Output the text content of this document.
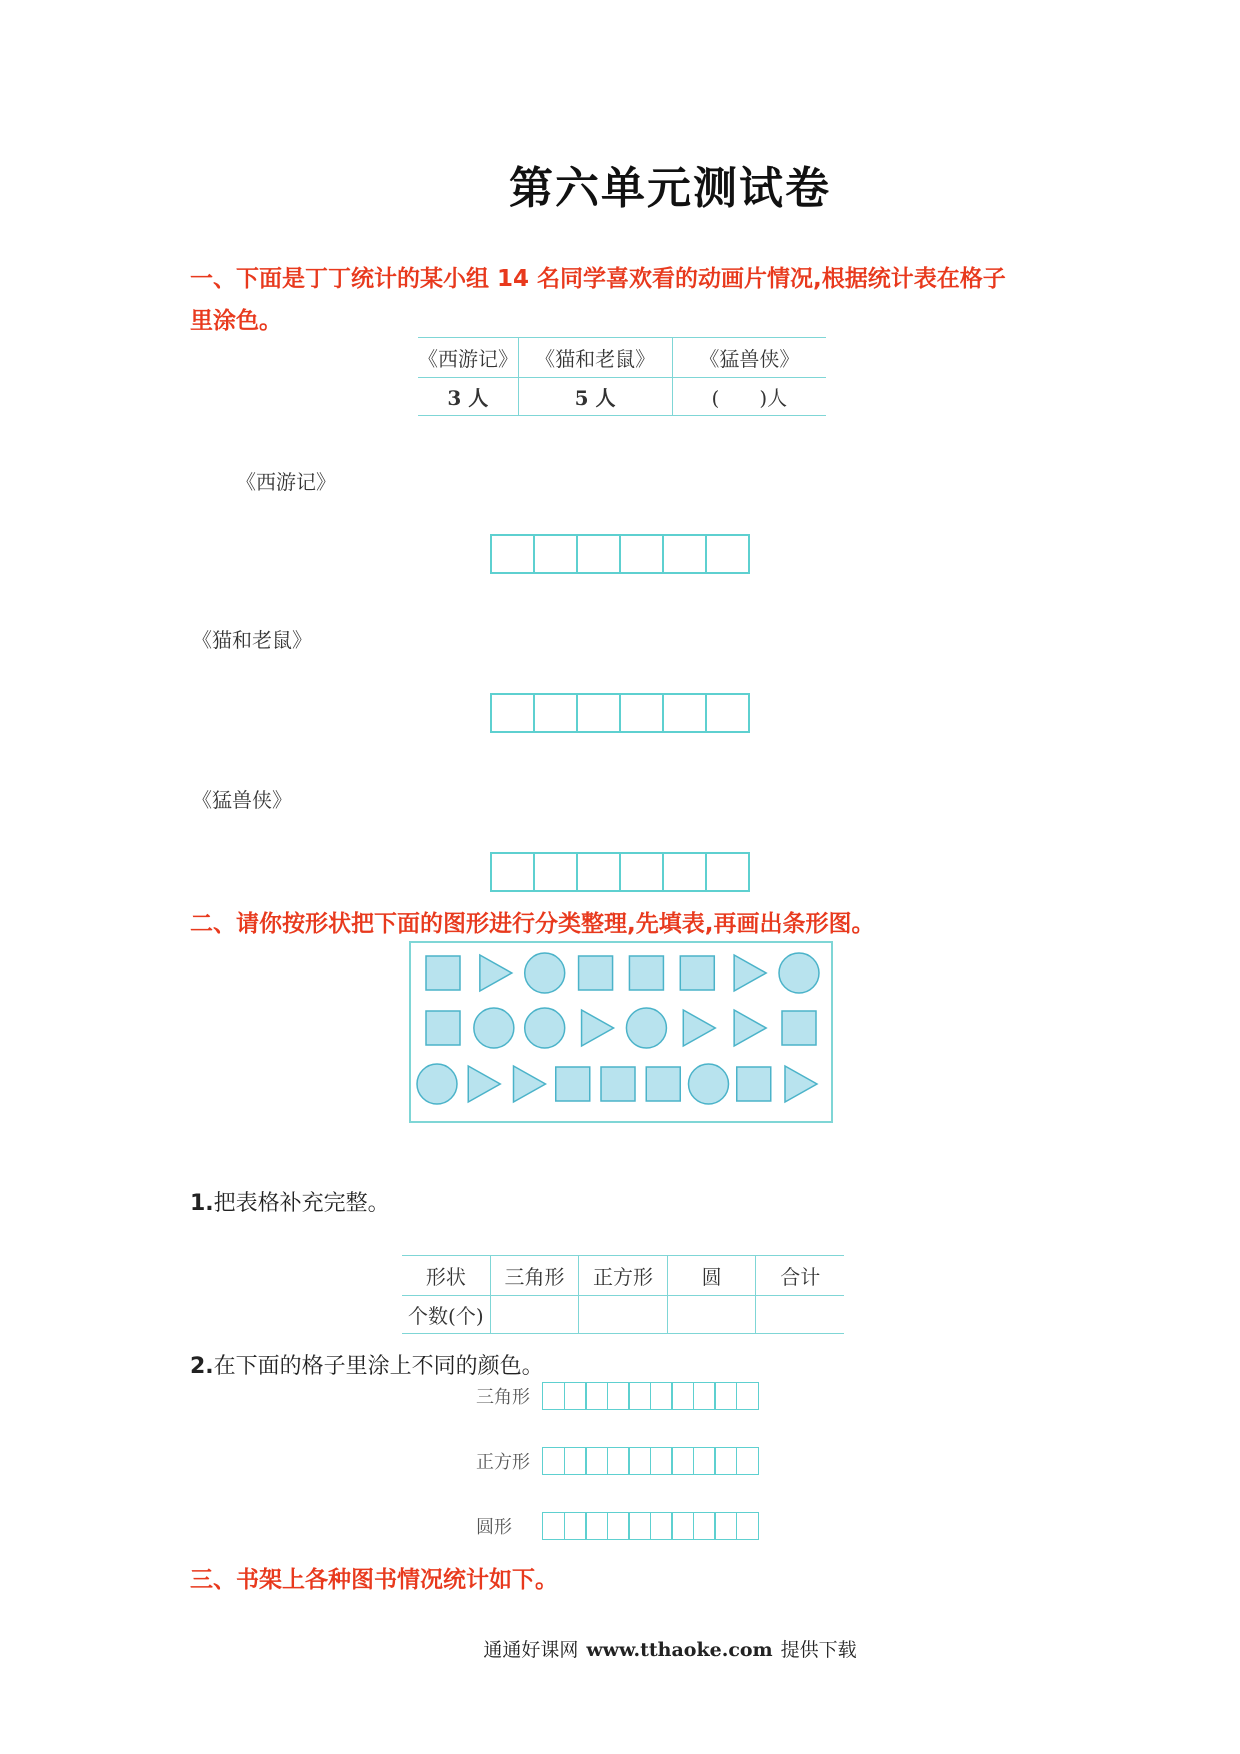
第六单元测试卷
一、下面是丁丁统计的某小组 14 名同学喜欢看的动画片情况,根据统计表在格子
里涂色。
《西游记》	《猫和老鼠》	《猛兽侠》
3 人	5 人	(　　)人
《西游记》
《猫和老鼠》
《猛兽侠》
二、请你按形状把下面的图形进行分类整理,先填表,再画出条形图。
1.把表格补充完整。
形状	三角形	正方形	圆	合计
个数(个)				
2.在下面的格子里涂上不同的颜色。
三角形
正方形
圆形
三、书架上各种图书情况统计如下。
通通好课网 www.tthaoke.com 提供下载
